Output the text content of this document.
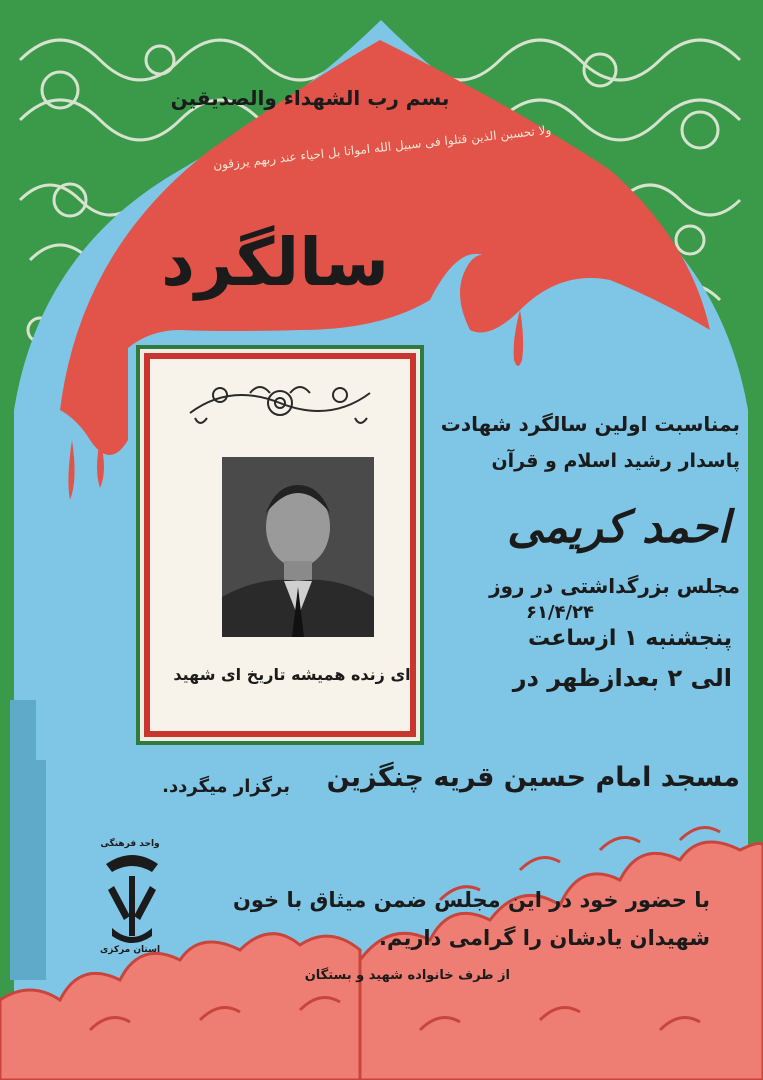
بسم رب الشهداء والصدیقین

ولا تحسبن الذین قتلوا فی سبیل الله امواتا بل احیاء عند ربهم یرزقون

سالگرد

ای زنده همیشه تاریخ ای شهید

بمناسبت اولین سالگرد شهادت

پاسدار رشید اسلام و قرآن

احمد کریمی

مجلس بزرگداشتی در روز

۶۱/۴/۲۴

پنجشنبه ۱ ازساعت

الی ۲ بعدازظهر در

مسجد امام حسین قریه چنگزین

برگزار میگردد.

واحد فرهنگی

استان مرکزی

با حضور خود در این مجلس ضمن میثاق با خون

شهیدان یادشان را گرامی داریم.

از طرف خانواده شهید و بستگان
